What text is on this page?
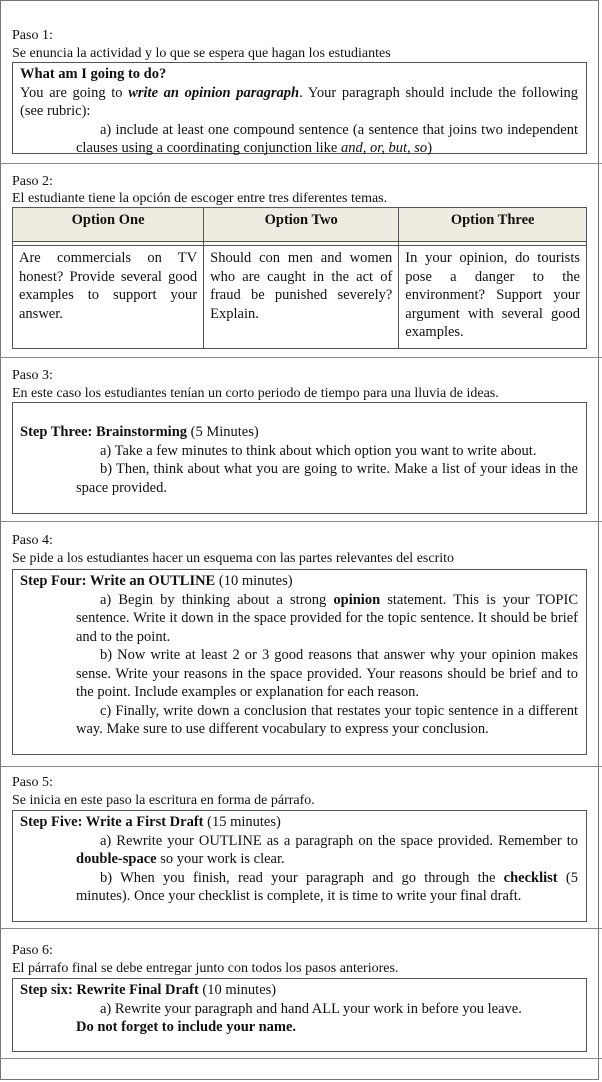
Paso 1:
Se enuncia la actividad y lo que se espera que hagan los estudiantes

What am I going to do?

You are going to write an opinion paragraph. Your paragraph should include the following (see rubric):

a) include at least one compound sentence (a sentence that joins two independent clauses using a coordinating conjunction like and, or, but, so)

Paso 2:
El estudiante tiene la opción de escoger entre tres diferentes temas.
Option One	Option Two	Option Three

Are commercials on TV honest? Provide several good examples to support your answer.	Should con men and women who are caught in the act of fraud be punished severely? Explain.	In your opinion, do tourists pose a danger to the environment? Support your argument with several good examples.
Paso 3:
En este caso los estudiantes tenían un corto periodo de tiempo para una lluvia de ideas.

Step Three: Brainstorming (5 Minutes)

a) Take a few minutes to think about which option you want to write about.

b) Then, think about what you are going to write. Make a list of your ideas in the space provided.

Paso 4:
Se pide a los estudiantes hacer un esquema con las partes relevantes del escrito

Step Four: Write an OUTLINE (10 minutes)

a) Begin by thinking about a strong opinion statement. This is your TOPIC sentence. Write it down in the space provided for the topic sentence. It should be brief and to the point.

b) Now write at least 2 or 3 good reasons that answer why your opinion makes sense. Write your reasons in the space provided. Your reasons should be brief and to the point. Include examples or explanation for each reason.

c) Finally, write down a conclusion that restates your topic sentence in a different way. Make sure to use different vocabulary to express your conclusion.

Paso 5:
Se inicia en este paso la escritura en forma de párrafo.

Step Five: Write a First Draft (15 minutes)

a) Rewrite your OUTLINE as a paragraph on the space provided. Remember to double-space so your work is clear.

b) When you finish, read your paragraph and go through the checklist (5 minutes). Once your checklist is complete, it is time to write your final draft.

Paso 6:
El párrafo final se debe entregar junto con todos los pasos anteriores.

Step six: Rewrite Final Draft (10 minutes)

a) Rewrite your paragraph and hand ALL your work in before you leave.

Do not forget to include your name.
